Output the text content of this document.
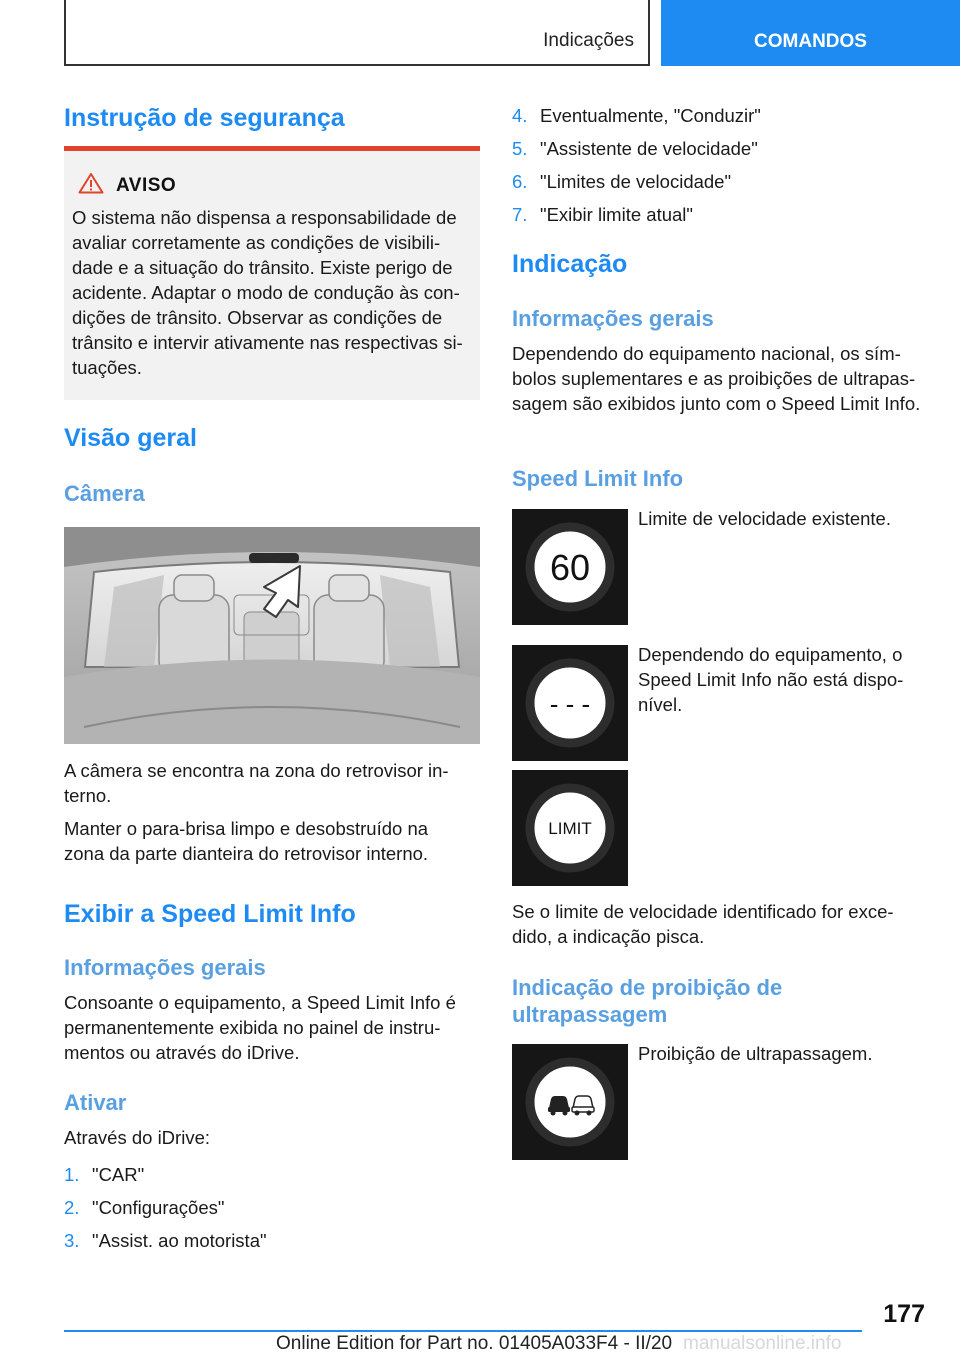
Indicações	COMANDOS
Instrução de segurança
AVISO

O sistema não dispensa a responsabilidade de avaliar corretamente as condições de visibili-dade e a situação do trânsito. Existe perigo de acidente. Adaptar o modo de condução às con-dições de trânsito. Observar as condições de trânsito e intervir ativamente nas respectivas si-tuações.

Visão geral
Câmera

A câmera se encontra na zona do retrovisor in-terno.

Manter o para-brisa limpo e desobstruído na zona da parte dianteira do retrovisor interno.

Exibir a Speed Limit Info
Informações gerais

Consoante o equipamento, a Speed Limit Info é permanentemente exibida no painel de instru-mentos ou através do iDrive.

Ativar

Através do iDrive:

1. "CAR"
2. "Configurações"
3. "Assist. ao motorista"
4. Eventualmente, "Conduzir"
5. "Assistente de velocidade"
6. "Limites de velocidade"
7. "Exibir limite atual"
Indicação
Informações gerais

Dependendo do equipamento nacional, os sím-bolos suplementares e as proibições de ultrapas-sagem são exibidos junto com o Speed Limit Info.

Speed Limit Info
60

Limite de velocidade existente.

- - -

Dependendo do equipamento, o Speed Limit Info não está dispo-nível.

LIMIT

Se o limite de velocidade identificado for exce-dido, a indicação pisca.

Indicação de proibição de ultrapassagem

Proibição de ultrapassagem.

177
Online Edition for Part no. 01405A033F4 - II/20 manualsonline.info
